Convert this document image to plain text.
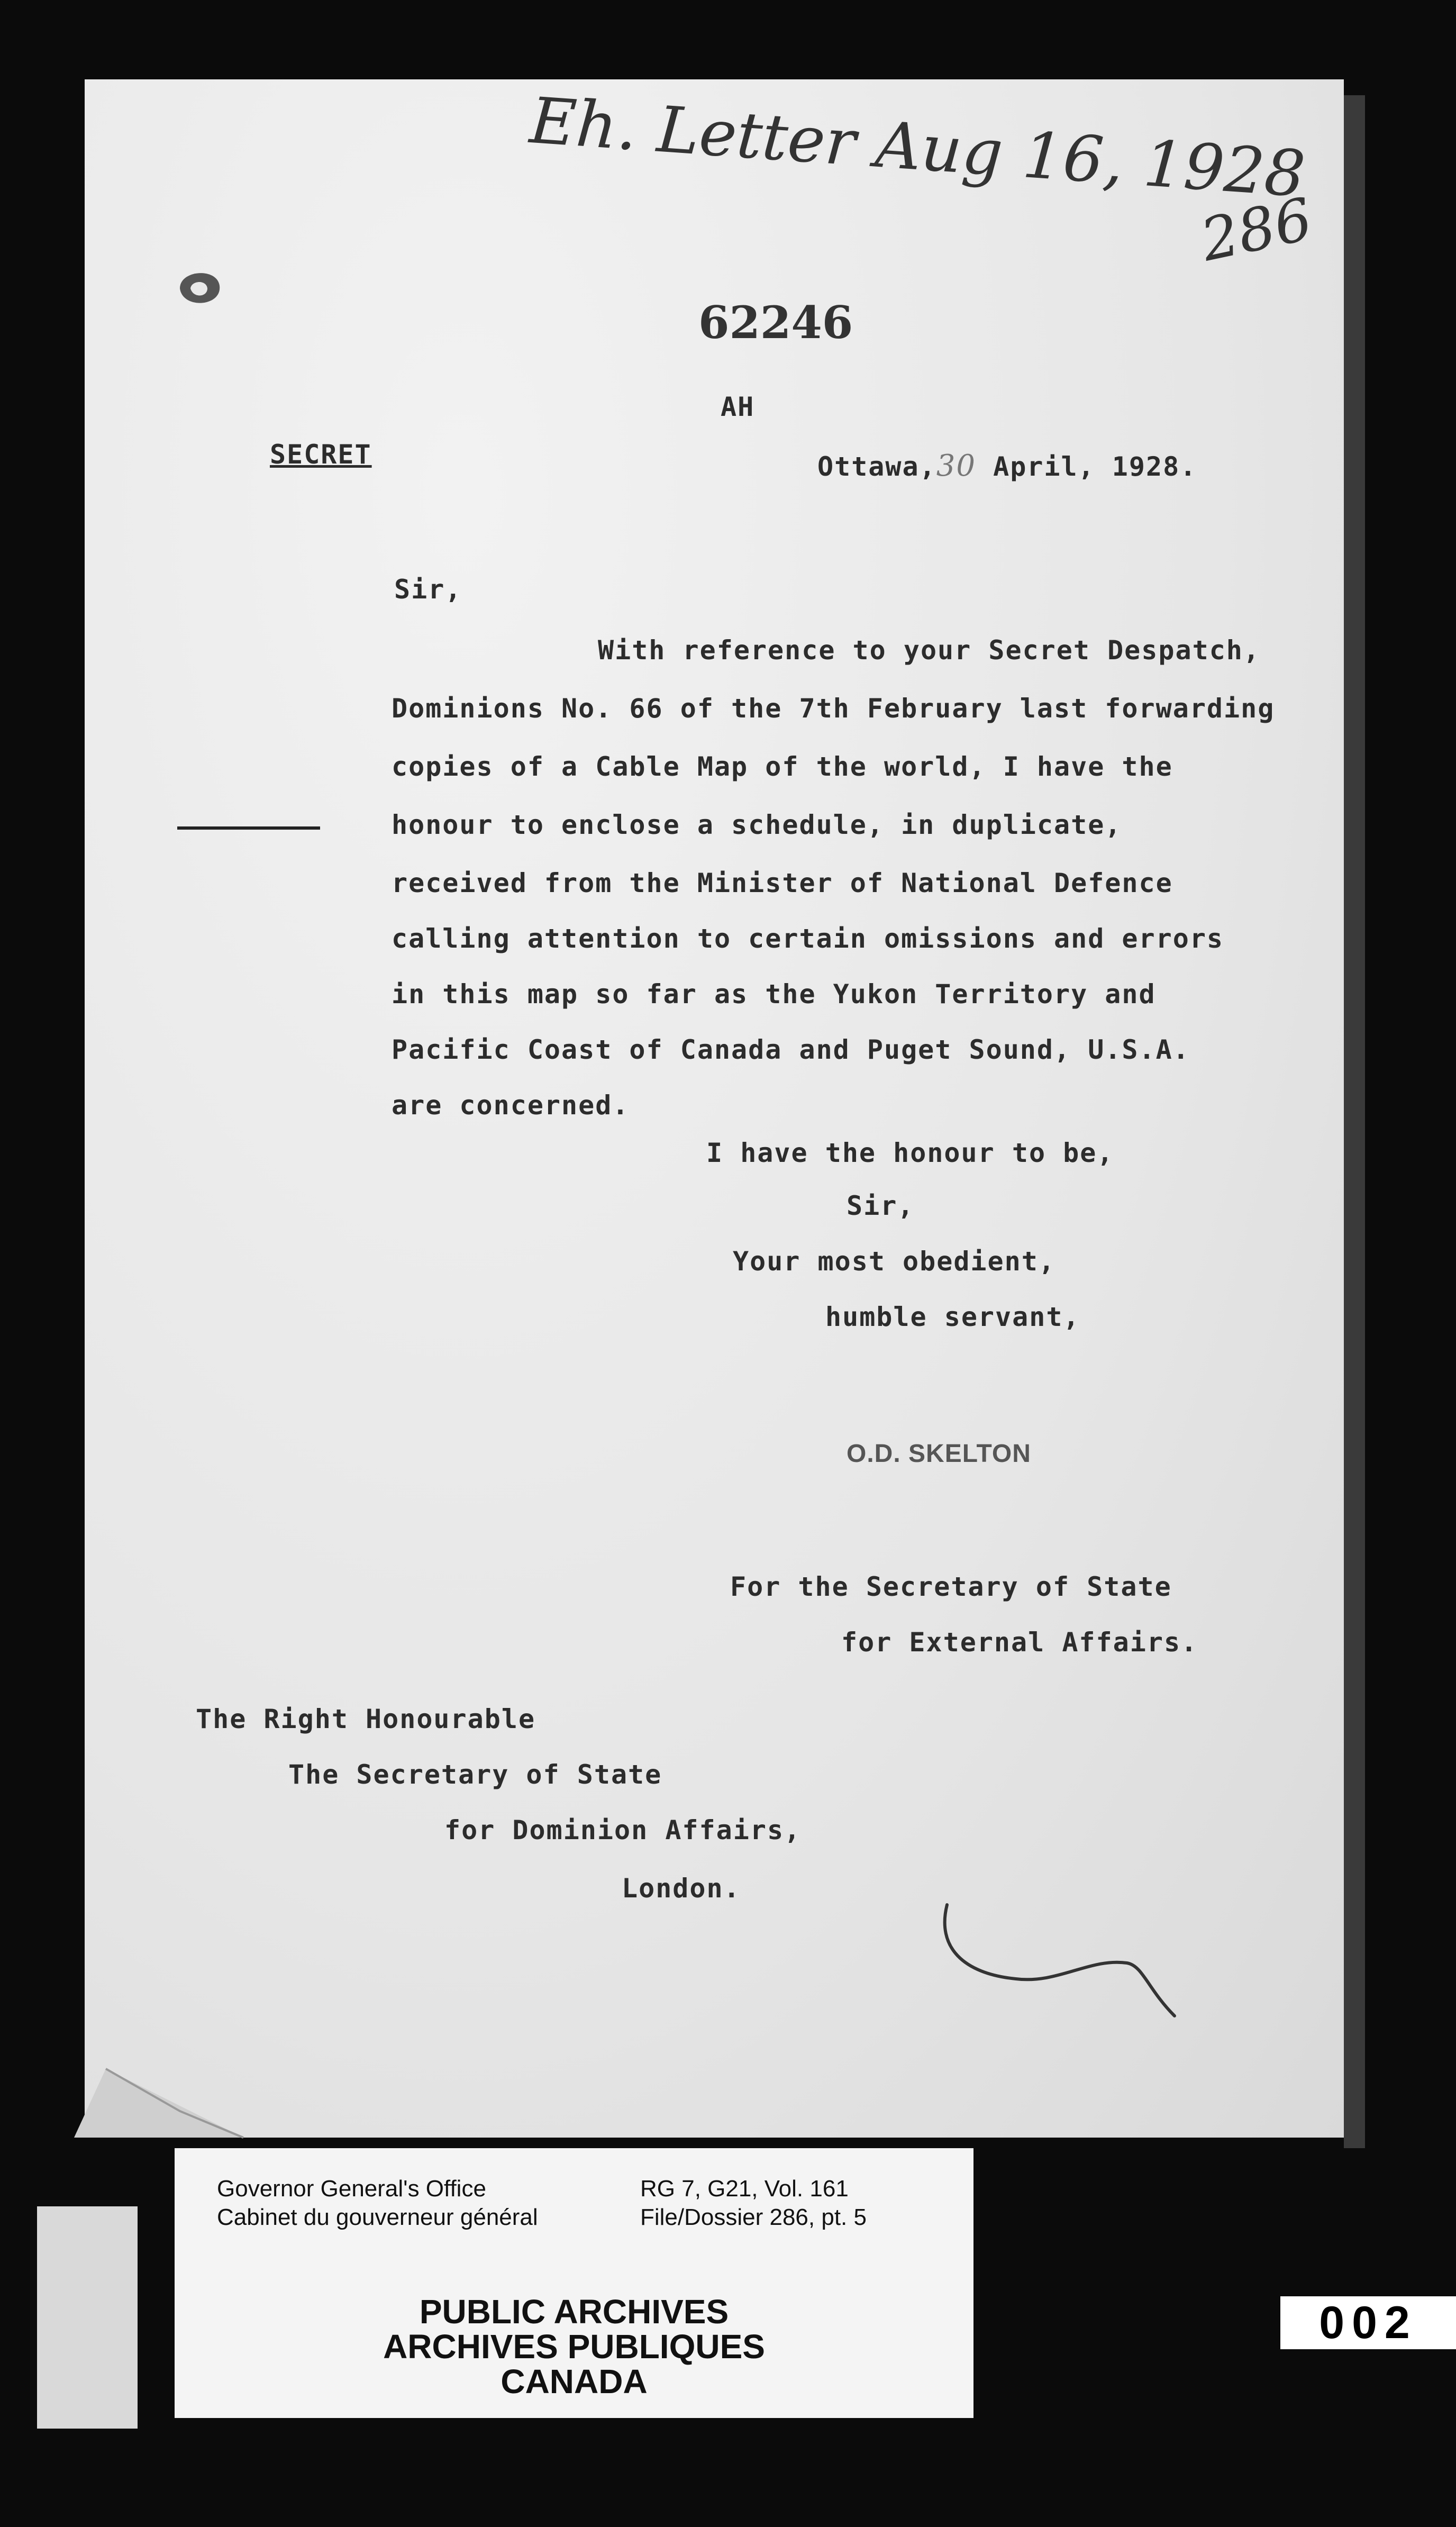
Eh. Letter Aug 16, 1928
286
62246
AH
SECRET	Ottawa,30 April, 1928.
Sir,
With reference to your Secret Despatch,
Dominions No. 66 of the 7th February last forwarding
copies of a Cable Map of the world, I have the
honour to enclose a schedule, in duplicate,
received from the Minister of National Defence
calling attention to certain omissions and errors
in this map so far as the Yukon Territory and
Pacific Coast of Canada and Puget Sound, U.S.A.
are concerned.
I have the honour to be,
Sir,
Your most obedient,
humble servant,
O.D. SKELTON
For the Secretary of State
for External Affairs.
The Right Honourable
The Secretary of State
for Dominion Affairs,
London.
Governor General's Office
Cabinet du gouverneur général
RG 7, G21, Vol. 161
File/Dossier 286, pt. 5
PUBLIC ARCHIVES
ARCHIVES PUBLIQUES
CANADA
002
